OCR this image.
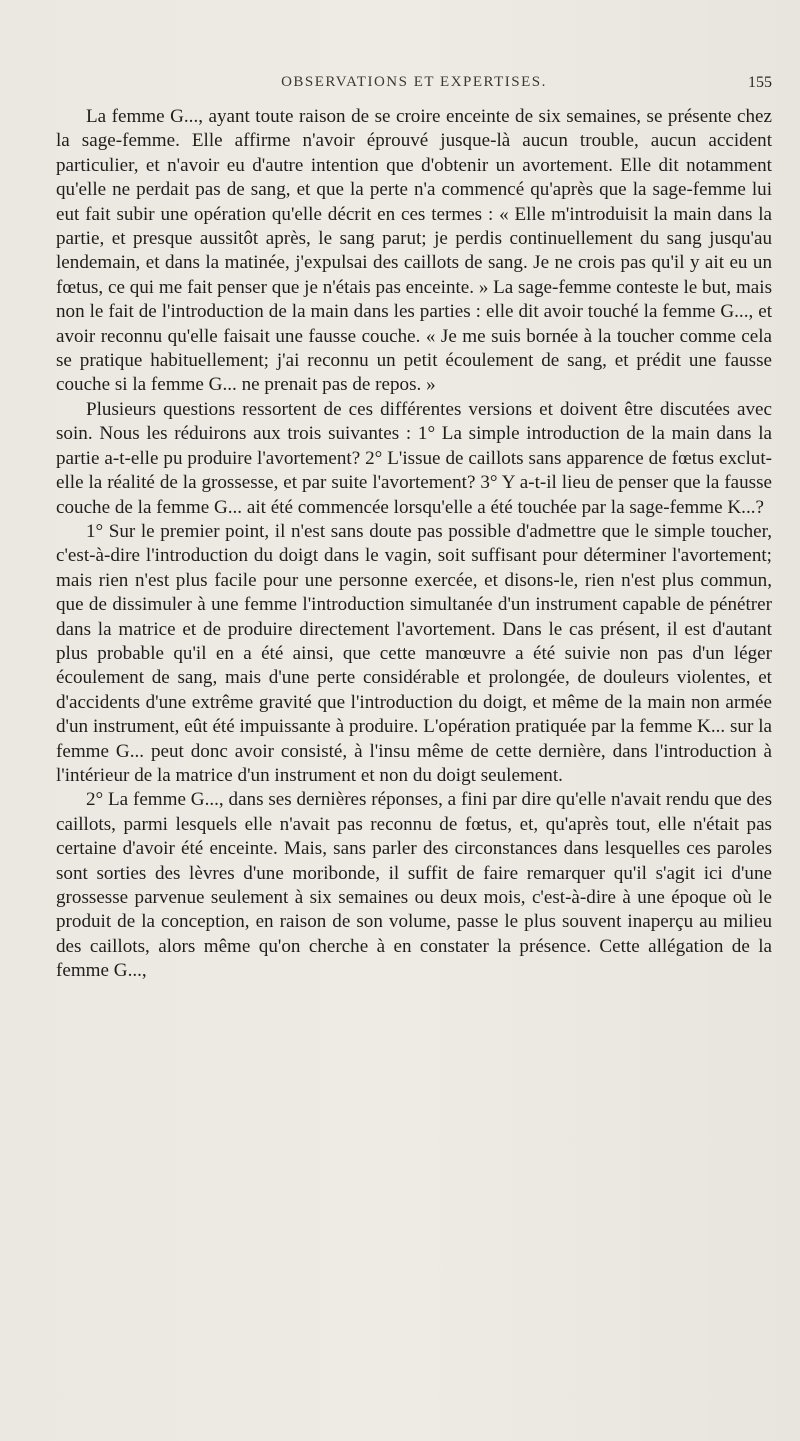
OBSERVATIONS ET EXPERTISES.	155

La femme G..., ayant toute raison de se croire enceinte de six semaines, se présente chez la sage-femme. Elle affirme n'avoir éprouvé jusque-là aucun trouble, aucun accident particulier, et n'avoir eu d'autre intention que d'obtenir un avortement. Elle dit notamment qu'elle ne perdait pas de sang, et que la perte n'a commencé qu'après que la sage-femme lui eut fait subir une opération qu'elle décrit en ces termes : « Elle m'introduisit la main dans la partie, et presque aussitôt après, le sang parut; je perdis continuellement du sang jusqu'au lendemain, et dans la matinée, j'expulsai des caillots de sang. Je ne crois pas qu'il y ait eu un fœtus, ce qui me fait penser que je n'étais pas enceinte. » La sage-femme conteste le but, mais non le fait de l'introduction de la main dans les parties : elle dit avoir touché la femme G..., et avoir reconnu qu'elle faisait une fausse couche. « Je me suis bornée à la toucher comme cela se pratique habituellement; j'ai reconnu un petit écoulement de sang, et prédit une fausse couche si la femme G... ne prenait pas de repos. »

Plusieurs questions ressortent de ces différentes versions et doivent être discutées avec soin. Nous les réduirons aux trois suivantes : 1° La simple introduction de la main dans la partie a-t-elle pu produire l'avortement? 2° L'issue de caillots sans apparence de fœtus exclut-elle la réalité de la grossesse, et par suite l'avortement? 3° Y a-t-il lieu de penser que la fausse couche de la femme G... ait été commencée lorsqu'elle a été touchée par la sage-femme K...?

1° Sur le premier point, il n'est sans doute pas possible d'admettre que le simple toucher, c'est-à-dire l'introduction du doigt dans le vagin, soit suffisant pour déterminer l'avortement; mais rien n'est plus facile pour une personne exercée, et disons-le, rien n'est plus commun, que de dissimuler à une femme l'introduction simultanée d'un instrument capable de pénétrer dans la matrice et de produire directement l'avortement. Dans le cas présent, il est d'autant plus probable qu'il en a été ainsi, que cette manœuvre a été suivie non pas d'un léger écoulement de sang, mais d'une perte considérable et prolongée, de douleurs violentes, et d'accidents d'une extrême gravité que l'introduction du doigt, et même de la main non armée d'un instrument, eût été impuissante à produire. L'opération pratiquée par la femme K... sur la femme G... peut donc avoir consisté, à l'insu même de cette dernière, dans l'introduction à l'intérieur de la matrice d'un instrument et non du doigt seulement.

2° La femme G..., dans ses dernières réponses, a fini par dire qu'elle n'avait rendu que des caillots, parmi lesquels elle n'avait pas reconnu de fœtus, et, qu'après tout, elle n'était pas certaine d'avoir été enceinte. Mais, sans parler des circonstances dans lesquelles ces paroles sont sorties des lèvres d'une moribonde, il suffit de faire remarquer qu'il s'agit ici d'une grossesse parvenue seulement à six semaines ou deux mois, c'est-à-dire à une époque où le produit de la conception, en raison de son volume, passe le plus souvent inaperçu au milieu des caillots, alors même qu'on cherche à en constater la présence. Cette allégation de la femme G...,
